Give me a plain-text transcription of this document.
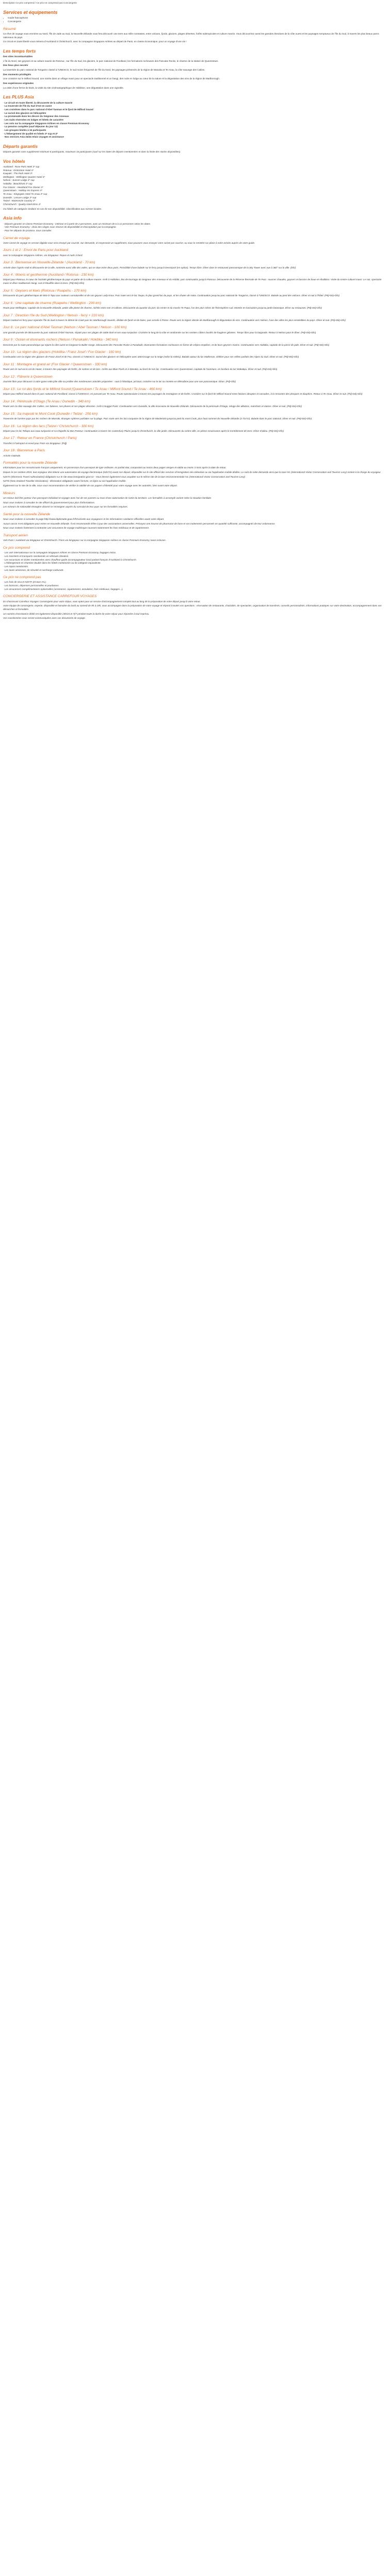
Description Ce prix comprend / Ce prix ne comprend pas Conciergerie

Services et équipements
• Guide francophone
• Conciergerie
Résumé

Ce rêve de voyage vous emmène au Nord, l'île de Jade au Sud, la Nouvelle-Zélande vous fera découvrir une terre aux mille contrastes, entre volcans, fjords, glaciers, plages désertes, forêts subtropicales et culture maorie. Vous découvrirez aussi les grandes étendues de la côte ouest et les paysages somptueux de l'île du Sud, à travers les plus beaux parcs nationaux du pays.

Ce circuit en toute liberté vous mènera d'Auckland à Christchurch, avec la compagnie Singapore Airlines au départ de Paris, en classe économique, pour un voyage d'une vie !

Les temps forts

Des sites incontournables

L'île du Nord, ses geysers et sa culture maorie de Rotorua ; sur l'île du Sud, les glaciers, le parc national de Fiordland, les formations rocheuses des Pancake Rocks, le charme de la station de Queenstown.

Des lieux plus secrets

La traversée du parc national de Tongariro classé à l'UNESCO, le sud moins fréquenté de l'île du Nord, les paysages préservés de la région de Wanaka et Te Anau, la côte sauvage des Catlins.

Des moments privilégiés

Une croisière sur le Milford Sound, une soirée dans un village maori pour un spectacle traditionnel et un hangi, des nuits en lodge au cœur de la nature et la dégustation des vins de la région de Marlborough.

Des expériences originales

La visite d'une ferme de kiwis, la visite du site cinématographique de Hobbiton, une dégustation dans une vignoble.

Les PLUS Asia
- Le circuit en toute liberté, la découverte de la culture maorie
- La traversée de l'île du Sud d'est en ouest
- Les croisières dans le parc national d'Abel Tasman et le fjord de Milford Sound
- Le survol des glaciers en hélicoptère
- La promenade dans les décors du Seigneur des Anneaux
- Les nuits réservées en lodges et hôtels de caractère
- Les vols sur la compagnie Singapore Airlines en classe Premium Economy
- La pension complète (sauf déjeuner du jour 12)
- Les groupes limités à 16 participants
- L'hébergement de qualité en hôtels 3* sup et 4*
- Nos services Asia 24/24 relais voyages et assistance
Départs garantis

Départs garantis sans supplément minimum 8 participants, maximum 16 participants (sauf sur les dates de départs mentionnées et dans la limite des stocks disponibles).

Vos hôtels
Auckland : Rose Park Hotel 3* sup
Rotorua : Distinction Hotel 4*
Kaupaki : The Park Hotel 3*
Wellington : Wellington Quarter Hotel 4*
Nelson : Sunset Lodge 3* sup
Hokitika : Beachfront 3* sup
Fox Glacier : Heartland Fox Glacier 3*
Queenstown : Holiday Inn Express 4*
Te Anau : Kingsgate Hotel Te Anau 3* sup
Dunedin : Leisure Lodge 3* sup
Twizel : MacKenzie Country 3*
Christchurch : Quality Hotel Elms 4*

Ou hôtels de catégorie similaire en cas de non disponibilité. Classification aux normes locales.

Asia info
- Départs garantis en classe Premium Economy : intérieur et à partir de 2 personnes, avec un minimum de 6 à 12 personnes selon les dates.
- Vols Premium Economy : choix des sièges sous réserve de disponibilité et d'acceptation par la compagnie.
- Pour les départs de province, nous consulter.
Carnet de voyage

Votre carnet de voyage en version digitale vous sera envoyé par courriel. Sur demande, et moyennant un supplément, nous pouvons vous envoyer votre carnet par courrier, ou vous le remettre sur place à votre arrivée auprès de votre guide.

Jours 1 et 2 : Envol de Paris pour Auckland

avec la compagnie Singapore Airlines, via Singapour. Repas et nuits à bord.

Jour 3 : Bienvenue en Nouvelle-Zélande ! (Auckland - 70 km)

Arrivée dans l'après-midi et découverte de la ville, nommée aussi ville des voiles, qui se situe entre deux ports. Possibilité d'une balade sur le ferry jusqu'à Devonport (en option). Temps libre. Dîner dans le restaurant panoramique de la Sky Tower avec vue à 360° sur la ville. (Dîn)

Jour 4 : Moeris et geothermie (Auckland / Rotorua - 230 km)

Départ pour Rotorua, le cœur de l'activité géothermique du pays et patrie de la culture maorie. Arrêt à Hobbiton, lieu de tournage du Seigneur des Anneaux et du Hobbit, puis continuation jusqu'à Rotorua. Découverte de la Réserve thermale de Te Puia : sources chaudes, geysers et bassins de boue en ébullition. Visite du centre culturel maori. Le soir, spectacle maori et dîner traditionnel Hangi, cuit à l'étouffée dans la terre. (Pdj+Déj+Dîn)

Jour 5 : Geysers et kiwis (Rotorua / Ruapehu - 170 km)

Découverte du parc géothermique de Wai-O-Tapu aux couleurs surnaturelles et de son geyser Lady Knox. Puis route vers le lac Taupo, le plus grand lac du pays, et les chutes de Huka. Continuation jusqu'au parc national de Tongariro, classé à l'UNESCO. Balade au pied des volcans. Dîner et nuit à l'hôtel. (Pdj+Déj+Dîn)

Jour 6 : Une capitale de charme (Ruapehu / Wellington - 290 km)

Route pour Wellington, capitale de la Nouvelle-Zélande, petite ville pleine de charme, nichée entre mer et collines. Découverte du quartier du port, du centre et du musée Te Papa, l'un des plus riches de l'hémisphère sud. Montée en funiculaire jusqu'au jardin botanique. Dîner au restaurant. (Pdj+Déj+Dîn)

Jour 7 : Direction l'île du Sud (Wellington / Nelson - ferry + 210 km)

Départ matinal en ferry pour rejoindre l'île du Sud à travers le détroit de Cook puis les Marlborough Sounds, dédale de fjords et de baies, puis arrivée à Picton. Route vers la région viticole de Marlborough et dégustation de vins. Continuation vers Nelson, l'une des villes les plus ensoleillées du pays. Dîner et nuit. (Pdj+Déj+Dîn)

Jour 8 : Le parc national d'Abel Tasman (Nelson / Abel Tasman / Nelson - 100 km)

Une grande journée de découverte du parc national d'Abel Tasman, réputé pour ses plages de sable doré et ses eaux turquoise. Croisière le long de la côte et randonnée sur les sentiers côtiers bordés de fougères géantes. Temps libre pour la baignade. Retour à Nelson pour le dîner. (Pdj+Déj+Dîn)

Jour 9 : Océan et étonnants rochers (Nelson / Punakaiki / Hokitika - 340 km)

Descente par la route panoramique qui rejoint la côte ouest en longeant la Buller Gorge. Découverte des Pancake Rocks à Punakaiki, étonnantes formations rocheuses en forme de crêpes empilées, et de leurs geysers marins. Continuation vers Hokitika, capitale de la pierre de jade. Dîner et nuit. (Pdj+Déj+Dîn)

Jour 10 : La région des glaciers (Hokitika / Franz Josef / Fox Glacier - 160 km)

Continuation vers la région des glaciers de Franz Josef et de Fox, classés à l'UNESCO. Survol des glaciers en hélicoptère avec atterrissage sur la neige (selon la météo). Balade autour du lac Matheson, célèbre pour ses reflets parfaits des Alpes du Sud. Dîner et nuit. (Pdj+Déj+Dîn)

Jour 11 : Montagne et grand air (Fox Glacier / Queenstown - 330 km)

Route vers le sud via le col de Haast, à travers des paysages de forêts, de rivières et de lacs. Arrêts aux Blue Pools et à Wanaka, au bord de son lac. Continuation vers Queenstown, capitale de l'aventure, en bordure du lac Wakatipu. Dîner et nuit. (Pdj+Déj+Dîn)

Jour 12 : Flânerie à Queenstown

Journée libre pour découvrir à votre guise cette jolie ville ou profiter des nombreuses activités proposées : saut à l'élastique, jet boat, croisière sur le lac ou montée en télécabine pour une vue panoramique. Dîner. (Pdj+Dîn)

Jour 13 : Le roi des fjords et le Milford Sound (Queenstown / Te Anau / Milford Sound / Te Anau - 460 km)

Départ pour Milford Sound dans le parc national de Fiordland, classé à l'UNESCO, en passant par Te Anau. Route spectaculaire à travers les paysages de montagnes et de forêts. Croisière sur le fjord de Milford Sound entre falaises abruptes et cascades, à la rencontre des phoques et dauphins. Retour à Te Anau. Dîner et nuit. (Pdj+Déj+Dîn)

Jour 14 : Péninsule d'Otago (Te Anau / Dunedin - 340 km)

Route vers la côte sauvage des Catlins, ses falaises, ses phares et ses plages désertes. Arrêt à Nugget Point. Continuation vers Dunedin, la ville écossaise de Nouvelle-Zélande. Découverte de la péninsule d'Otago, refuge des albatros, manchots et otaries. Dîner et nuit. (Pdj+Déj+Dîn)

Jour 15 : Sa majesté le Mont Cook (Dunedin / Twizel - 250 km)

Traversée de l'arrière-pays par les rochers de Moeraki, étranges sphères parfaites sur la plage. Puis route vers les lacs turquoise de la région de Mackenzie jusqu'au pied du mont Cook, plus haut sommet de Nouvelle-Zélande (3 724 m). Balade dans le parc national. Dîner et nuit. (Pdj+Déj+Dîn)

Jour 16 : La région des lacs (Twizel / Christchurch - 300 km)

Départ pour le lac Tekapo aux eaux turquoise et sa chapelle du Bon Pasteur. Continuation à travers les Canterbury Plains jusqu'à Christchurch, la ville jardin. Découverte du centre-ville, en pleine renaissance après le tremblement de terre. Dîner d'adieu. (Pdj+Déj+Dîn)

Jour 17 : Retour en France (Christchurch / Paris)

Transfert à l'aéroport et envol pour Paris via Singapour. (Pdj)

Jour 18 : Bienvenue à Paris

Arrivée matinale.

Formalités pour la nouvelle Zélande

Informations pour les ressortissants français uniquement, en possession d'un passeport de type ordinaire, en parfait état, comportant au moins deux pages vierges et valide au moins 3 mois après la date de retour.

Depuis le 1er octobre 2019, tout voyageur doit obtenir une autorisation de voyage électronique (NZeTA) avant son départ, disponible sur le site officiel des services d'immigration néo-zélandais ou via l'application mobile dédiée. Le coût de cette demande ainsi que la taxe IVL (International Visitor Conservation and Tourism Levy) restent à la charge du voyageur.

NZeTA (Electronic Travel Authorization) obligatoire sur le site www.immigration.govt.nz - Vous devrez également vous acquitter sur le même site de la taxe environnementale IVL (International Visitor Conservation and Tourism Levy)

NZTD (New Zealand Traveller Declaration) : déclaration obligatoire avant l'arrivée, en ligne ou via l'application mobile.

Également sur le site de la ville, nous vous recommandons de vérifier la validité de vos papiers d'identité pour votre voyage avec les autorités, bien avant votre départ.

Mineurs

Un mineur doit être porteur d'un passeport individuel et voyager avec l'un de ses parents ou muni d'une autorisation de sortie du territoire. Les formalités à accomplir varient selon la situation familiale.

Nous vous invitons à consulter le site officiel du gouvernement pour plus d'informations.

Les mineurs de nationalité étrangère doivent se renseigner auprès du consulat de leur pays sur les formalités requises.

Santé pour la nouvelle Zélande

Nous vous invitons à consulter la page http://www.diplomatie.gouv.fr/fr/conseils-aux-voyageurs/ et les informations sanitaires officielles avant votre départ.

Aucun vaccin n'est obligatoire pour entrer en Nouvelle-Zélande. Il est recommandé d'être à jour des vaccinations universelles. Prévoyez une trousse de pharmacie de base et vos traitements personnels en quantité suffisante, accompagnés de leur ordonnance.

Nous vous invitons fortement à contracter une assurance de voyage multirisque couvrant notamment les frais médicaux et de rapatriement.

Transport aérien

Vols Paris / Auckland via Singapour et Christchurch / Paris via Singapour sur la compagnie Singapore Airlines en classe Premium Economy, taxes incluses.

Ce prix comprend
- Les vols internationaux sur la compagnie Singapore Airlines en classe Premium Economy, bagages inclus.
- Les transferts et transports mentionnés en véhicule climatisé.
- Les excursions et visites mentionnées avec chauffeur-guide accompagnateur local parlant français d'Auckland à Christchurch.
- L'hébergement en chambre double dans les hôtels mentionnés ou de catégorie équivalente.
- Les repas mentionnés.
- Les taxes aériennes, de sécurité et surcharge carburant.
Ce prix ne comprend pas
- Les frais de visa et NZeTA (et taxe IVL).
- Les boissons, dépenses personnelles et pourboires.
- Les assurances complémentaires optionnelles (assistance, rapatriement, annulation, frais médicaux, bagages...).
CONCIERGERIE ET ASSISTANCE CARREFOUR VOYAGES

En choisissant Carrefour Voyages Conciergerie pour votre séjour, vous optez pour un service d'accompagnement complet tout au long de la préparation de votre départ jusqu'à votre retour.

Votre équipe de conciergerie, experte, disponible et humaine du lundi au samedi de 9h à 19h, vous accompagne dans la préparation de votre voyage et répond à toutes vos questions : réservation de restaurants, d'activités, de spectacles, organisation de transferts, conseils personnalisés, informations pratiques sur votre destination, accompagnement dans vos démarches et formalités.

Un numéro d'assistance dédié est également disponible 24h/24 et 7j/7 pendant toute la durée de votre séjour pour répondre à tout imprévu.

Vos coordonnées vous seront communiquées avec vos documents de voyage.
